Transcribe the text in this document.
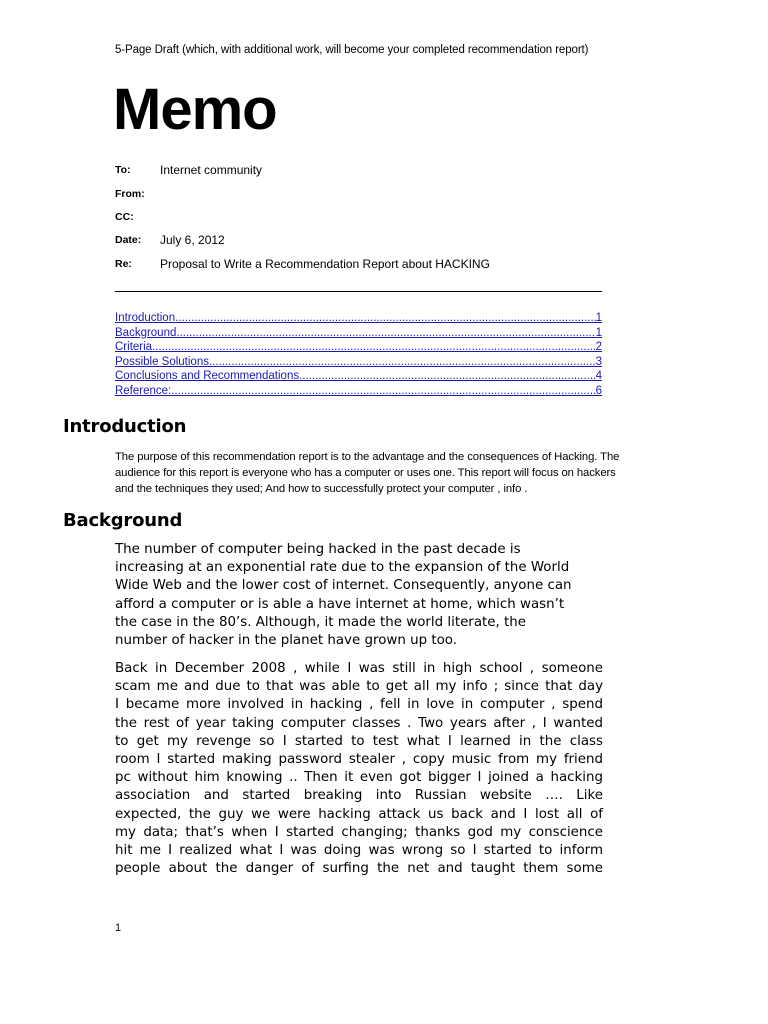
5-Page Draft (which, with additional work, will become your completed recommendation report)
Memo
To:	Internet community
From:
CC:
Date:	July 6, 2012
Re:	Proposal to Write a Recommendation Report about HACKING
Introduction .....	1
Background .....	1
Criteria .....	2
Possible Solutions .....	3
Conclusions and Recommendations .....	4
Reference: .....	6
Introduction
The purpose of this recommendation report is to the advantage and the consequences of Hacking. The
audience for this report is everyone who has a computer or uses one. This report will focus on hackers
and the techniques they used; And how to successfully protect your computer , info .
Background
The number of computer being hacked in the past decade is
increasing at an exponential rate due to the expansion of the World
Wide Web and the lower cost of internet. Consequently, anyone can
afford a computer or is able a have internet at home, which wasn’t
the case in the 80’s. Although, it made the world literate, the
number of hacker in the planet have grown up too.
Back in December 2008 , while I was still in high school , someone
scam me and due to that was able to get all my info ; since that day
I became more involved in hacking , fell in love in computer , spend
the rest of year taking computer classes . Two years after , I wanted
to get my revenge so I started to test what I learned in the class
room I started making password stealer , copy music from my friend
pc without him knowing .. Then it even got bigger I joined a hacking
association and started breaking into Russian website …. Like
expected, the guy we were hacking attack us back and I lost all of
my data; that’s when I started changing; thanks god my conscience
hit me I realized what I was doing was wrong so I started to inform
people about the danger of surfing the net and taught them some
1
